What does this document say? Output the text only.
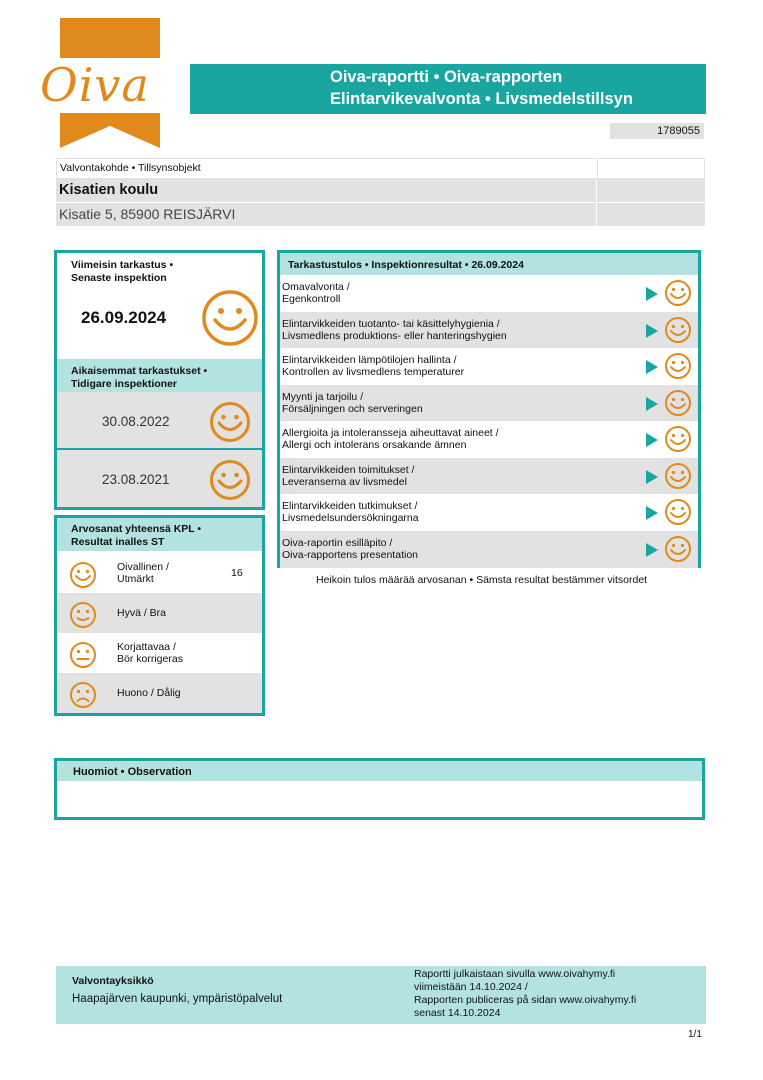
Oiva	Oiva-raportti • Oiva-rapporten
Elintarvikevalvonta • Livsmedelstillsyn
1789055
Valvontakohde • Tillsynsobjekt
Kisatien koulu
Kisatie 5, 85900 REISJÄRVI
Viimeisin tarkastus •
Senaste inspektion
26.09.2024
Aikaisemmat tarkastukset •
Tidigare inspektioner
30.08.2022
23.08.2021
Arvosanat yhteensä KPL •
Resultat inalles ST
Oivallinen /
Utmärkt	16
Hyvä / Bra
Korjattavaa /
Bör korrigeras
Huono / Dålig
Tarkastustulos • Inspektionresultat • 26.09.2024
Omavalvonta /
Egenkontroll
Elintarvikkeiden tuotanto- tai käsittelyhygienia /
Livsmedlens produktions- eller hanteringshygien
Elintarvikkeiden lämpötilojen hallinta /
Kontrollen av livsmedlens temperaturer
Myynti ja tarjoilu /
Försäljningen och serveringen
Allergioita ja intoleransseja aiheuttavat aineet /
Allergi och intolerans orsakande ämnen
Elintarvikkeiden toimitukset /
Leveranserna av livsmedel
Elintarvikkeiden tutkimukset /
Livsmedelsundersökningarna
Oiva-raportin esilläpito /
Oiva-rapportens presentation
Heikoin tulos määrää arvosanan • Sämsta resultat bestämmer vitsordet
Huomiot • Observation
Valvontayksikkö
Haapajärven kaupunki, ympäristöpalvelut
Raportti julkaistaan sivulla www.oivahymy.fi
viimeistään 14.10.2024 /
Rapporten publiceras på sidan www.oivahymy.fi
senast 14.10.2024
1/1
